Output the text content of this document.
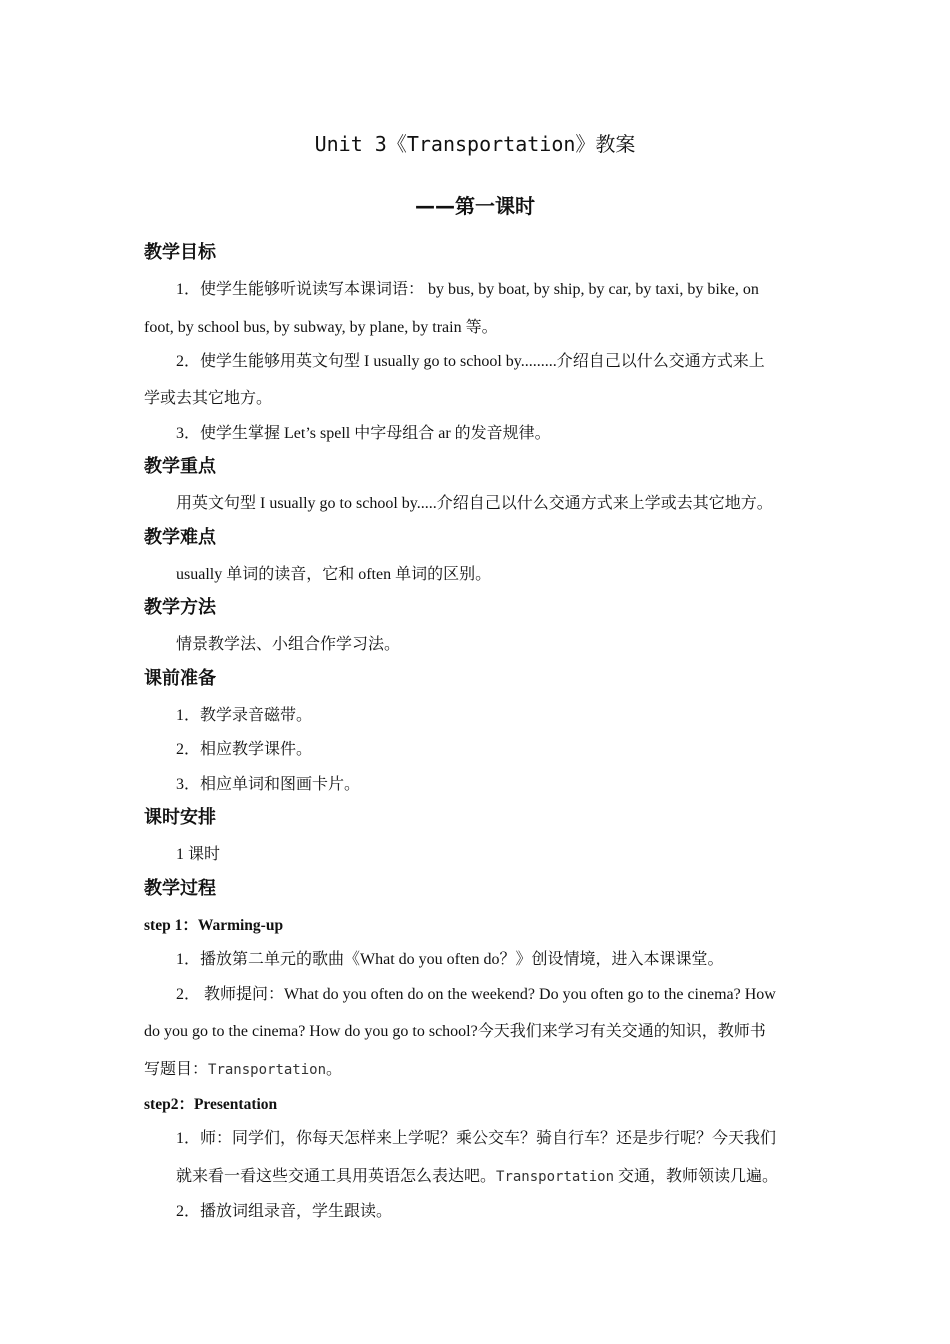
Unit 3《Transportation》教案
——第一课时
教学目标
1．使学生能够听说读写本课词语： by bus, by boat, by ship, by car, by taxi, by bike, on
foot, by school bus, by subway, by plane, by train 等。
2．使学生能够用英文句型 I usually go to school by.........介绍自己以什么交通方式来上
学或去其它地方。
3．使学生掌握 Let’s spell 中字母组合 ar 的发音规律。
教学重点
用英文句型 I usually go to school by.....介绍自己以什么交通方式来上学或去其它地方。
教学难点
usually 单词的读音，它和 often 单词的区别。
教学方法
情景教学法、小组合作学习法。
课前准备
1．教学录音磁带。
2．相应教学课件。
3．相应单词和图画卡片。
课时安排
1 课时
教学过程
step 1：Warming-up
1．播放第二单元的歌曲《What do you often do？》创设情境，进入本课课堂。
2． 教师提问：What do you often do on the weekend? Do you often go to the cinema? How
do you go to the cinema? How do you go to school?今天我们来学习有关交通的知识，教师书
写题目：Transportation。
step2：Presentation
1．师：同学们，你每天怎样来上学呢？乘公交车？骑自行车？还是步行呢？今天我们
就来看一看这些交通工具用英语怎么表达吧。Transportation 交通，教师领读几遍。
2．播放词组录音，学生跟读。
